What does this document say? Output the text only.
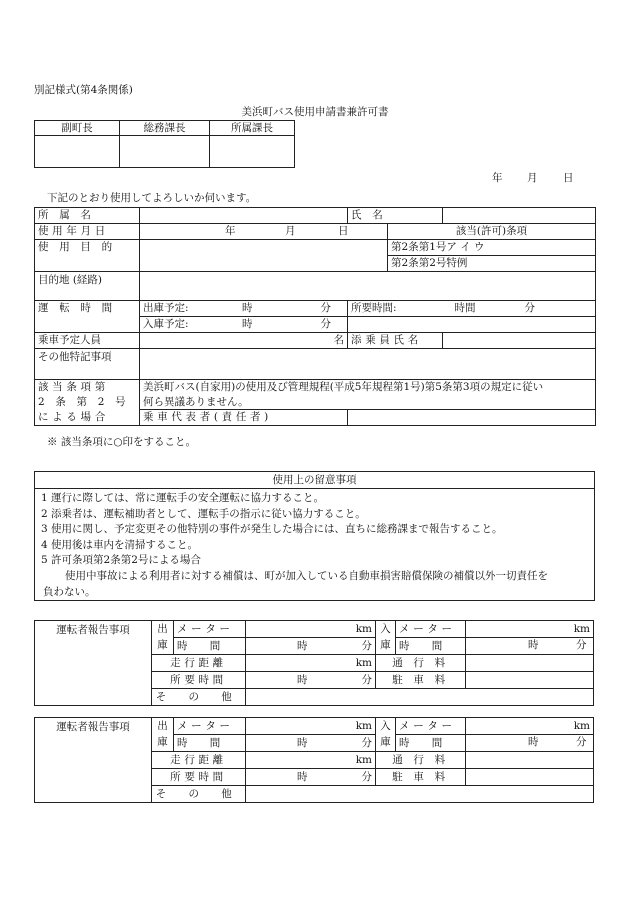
別記様式(第4条関係)
美浜町バス使用申請書兼許可書
副町長	総務課長	所属課長

年 月 日
下記のとおり使用してよろしいか伺います。
所 属 名				氏 名		
使用年月日	年 月 日				該当(許可)条項	
使 用 目 的					第2条第1号ア イ ウ	
					第2条第2号特例	
目的地 (経路)						
運 転 時 間	出庫予定:	時	分	所要時間:		時間 分

	入庫予定:	時	分			
乗車予定人員	名			添乗員氏名		
その他特記事項						
該当条項第	美浜町バス(自家用)の使用及び管理規程(平成5年規程第1号)第5条第3項の規定に従い					
2 条 第 2 号	何ら異議ありません。					
による場合	乗車代表者(責任者)					
※ 該当条項に○印をすること。
使用上の留意事項
1 運行に際しては、常に運転手の安全運転に協力すること。
2 添乗者は、運転補助者として、運転手の指示に従い協力すること。
3 使用に関し、予定変更その他特別の事件が発生した場合には、直ちに総務課まで報告すること。
4 使用後は車内を清掃すること。
5 許可条項第2条第2号による場合
使用中事故による利用者に対する補償は、町が加入している自動車損害賠償保険の補償以外一切責任を
負わない。
運転者報告事項	出	メーター	km		入	メーター	km
	庫	時 間	時	分	庫	時 間	時 分

	走行距離		km		通 行 料		
	所要時間		時	分	駐 車 料		
	そ の 他						
運転者報告事項	出	メーター	km		入	メーター	km
	庫	時 間	時	分	庫	時 間	時 分

	走行距離		km		通 行 料		
	所要時間		時	分	駐 車 料		
	そ の 他						
